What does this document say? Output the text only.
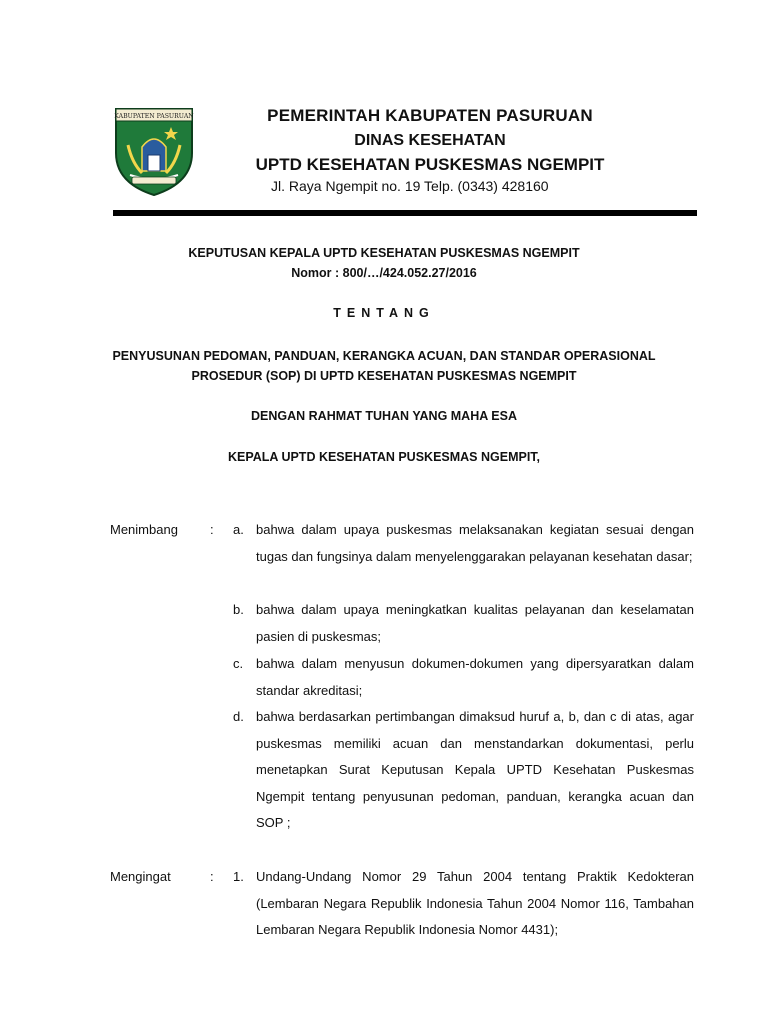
KABUPATEN PASURUAN	PEMERINTAH KABUPATEN PASURUAN
DINAS KESEHATAN
UPTD KESEHATAN PUSKESMAS NGEMPIT
Jl. Raya Ngempit no. 19 Telp. (0343) 428160
KEPUTUSAN KEPALA UPTD KESEHATAN PUSKESMAS NGEMPIT
Nomor : 800/…/424.052.27/2016
TENTANG
PENYUSUNAN PEDOMAN, PANDUAN, KERANGKA ACUAN, DAN STANDAR OPERASIONAL
PROSEDUR (SOP) DI UPTD KESEHATAN PUSKESMAS NGEMPIT
DENGAN RAHMAT TUHAN YANG MAHA ESA
KEPALA UPTD KESEHATAN PUSKESMAS NGEMPIT,
Menimbang : a. bahwa dalam upaya puskesmas melaksanakan kegiatan sesuai dengan tugas dan fungsinya dalam menyelenggarakan pelayanan kesehatan dasar;
b. bahwa dalam upaya meningkatkan kualitas pelayanan dan keselamatan pasien di puskesmas;
c. bahwa dalam menyusun dokumen-dokumen yang dipersyaratkan dalam standar akreditasi;
d. bahwa berdasarkan pertimbangan dimaksud huruf a, b, dan c di atas, agar puskesmas memiliki acuan dan menstandarkan dokumentasi, perlu menetapkan Surat Keputusan Kepala UPTD Kesehatan Puskesmas Ngempit tentang penyusunan pedoman, panduan, kerangka acuan dan SOP ;
Mengingat	: 1. Undang-Undang Nomor 29 Tahun 2004 tentang Praktik Kedokteran (Lembaran Negara Republik Indonesia Tahun 2004 Nomor 116, Tambahan Lembaran Negara Republik Indonesia Nomor 4431);
